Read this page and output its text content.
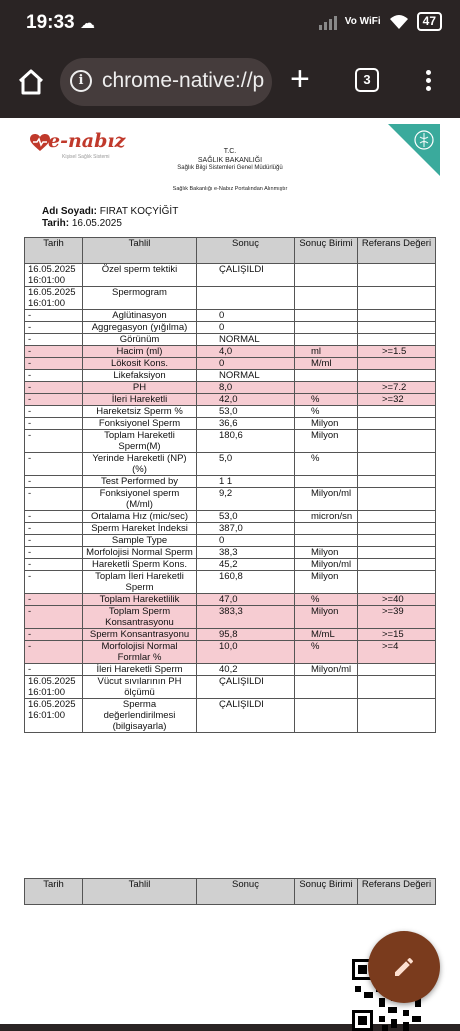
19:33 ☁	Vo WiFi	47
i chrome-native://p +	3
e-nabız
Kişisel Sağlık Sistemi
T.C.
SAĞLIK BAKANLIĞI
Sağlık Bilgi Sistemleri Genel Müdürlüğü
Sağlık Bakanlığı e-Nabız Portalından Alınmıştır
Adı Soyadı: FIRAT KOÇYİĞİT
Tarih: 16.05.2025
Tarih	Tahlil	Sonuç	Sonuç Birimi	Referans Değeri
16.05.2025 16:01:00	Özel sperm tektiki	ÇALIŞILDI		
16.05.2025 16:01:00	Spermogram			
-	Aglütinasyon	0		
-	Aggregasyon (yığılma)	0		
-	Görünüm	NORMAL		
-	Hacim (ml)	4,0	ml	>=1.5
-	Lökosit Kons.	0	M/ml	
-	Likefaksiyon	NORMAL		
-	PH	8,0		>=7.2
-	İleri Hareketli	42,0	%	>=32
-	Hareketsiz Sperm %	53,0	%	
-	Fonksiyonel Sperm	36,6	Milyon	
-	Toplam Hareketli Sperm(M)	180,6	Milyon	
-	Yerinde Hareketli (NP) (%)	5,0	%	
-	Test Performed by	1 1		
-	Fonksiyonel sperm (M/ml)	9,2	Milyon/ml	
-	Ortalama Hız (mic/sec)	53,0	micron/sn	
-	Sperm Hareket İndeksi	387,0		
-	Sample Type	0		
-	Morfolojisi Normal Sperm	38,3	Milyon	
-	Hareketli Sperm Kons.	45,2	Milyon/ml	
-	Toplam İleri Hareketli Sperm	160,8	Milyon	
-	Toplam Hareketlilik	47,0	%	>=40
-	Toplam Sperm Konsantrasyonu	383,3	Milyon	>=39
-	Sperm Konsantrasyonu	95,8	M/mL	>=15
-	Morfolojisi Normal Formlar %	10,0	%	>=4
-	İleri Hareketli Sperm	40,2	Milyon/ml	
16.05.2025 16:01:00	Vücut sıvılarının PH ölçümü	ÇALIŞILDI		
16.05.2025 16:01:00	Sperma değerlendirilmesi (bilgisayarla)	ÇALIŞILDI		
Tarih	Tahlil	Sonuç	Sonuç Birimi	Referans Değeri
